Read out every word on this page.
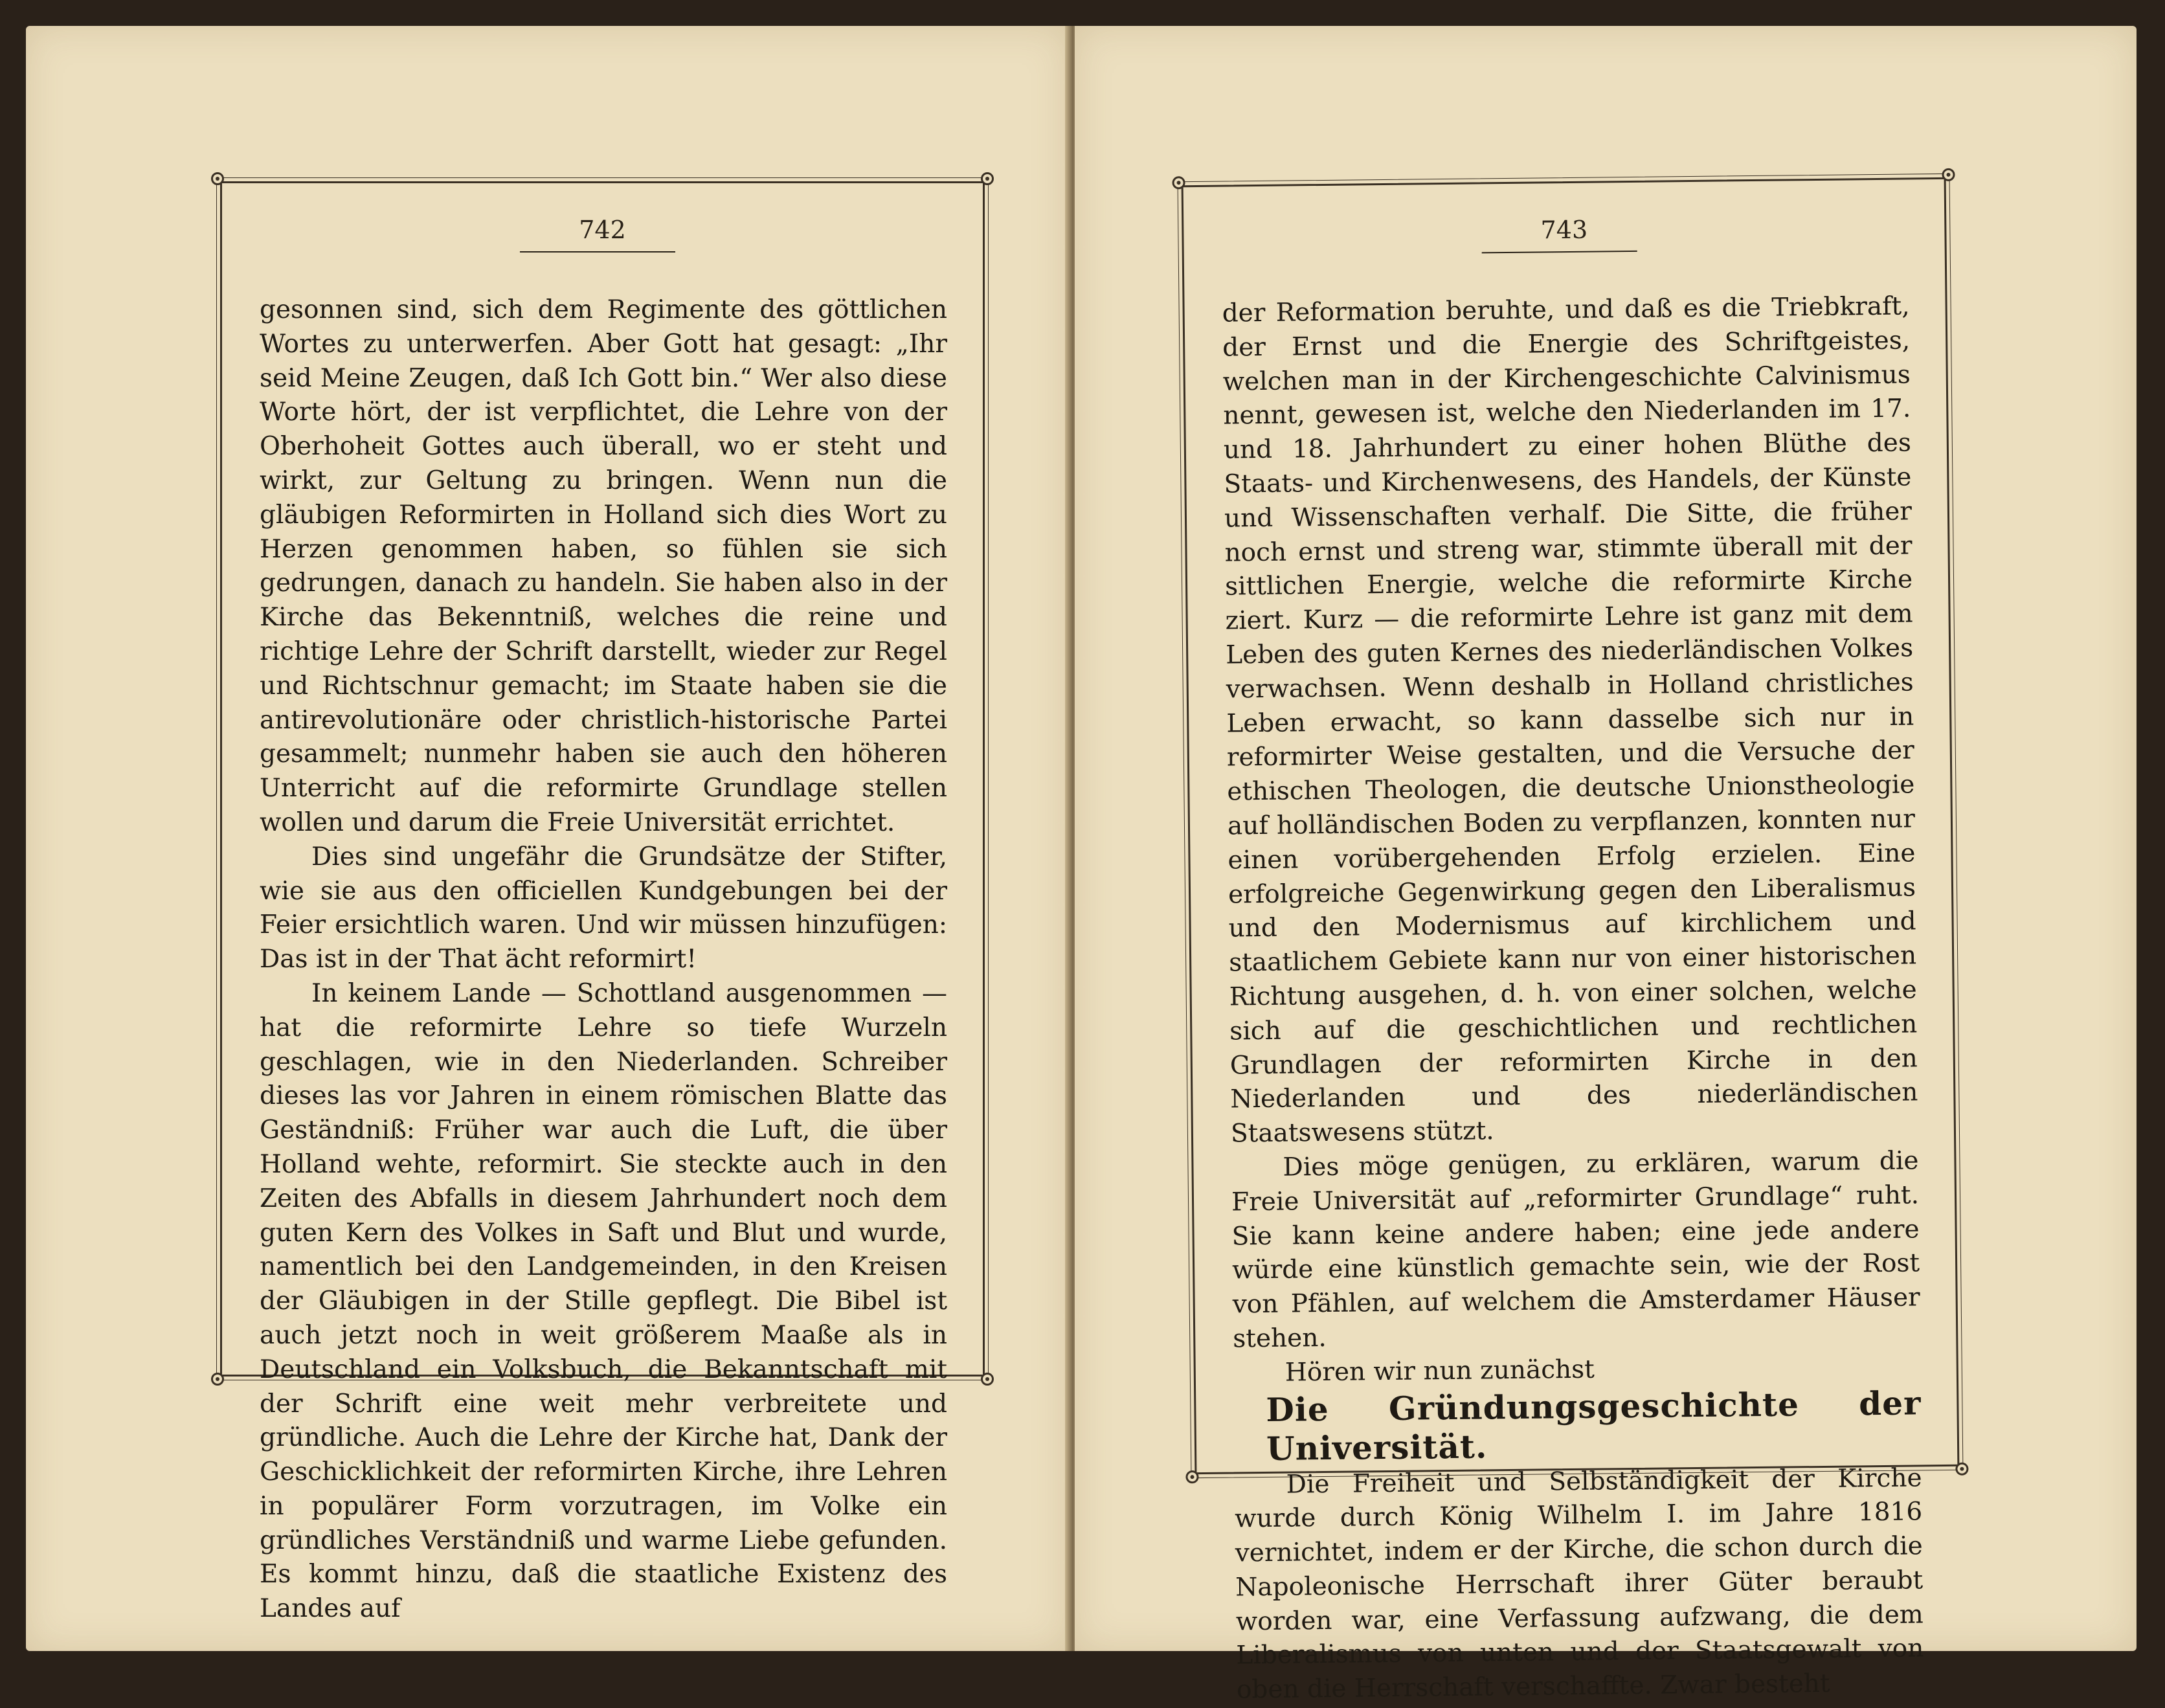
742

gesonnen sind, sich dem Regimente des göttlichen Wortes zu unterwerfen. Aber Gott hat gesagt: „Ihr seid Meine Zeugen, daß Ich Gott bin.“ Wer also diese Worte hört, der ist verpflichtet, die Lehre von der Oberhoheit Gottes auch überall, wo er steht und wirkt, zur Geltung zu bringen. Wenn nun die gläubigen Reformirten in Holland sich dies Wort zu Herzen genommen haben, so fühlen sie sich gedrungen, danach zu handeln. Sie haben also in der Kirche das Bekenntniß, welches die reine und richtige Lehre der Schrift darstellt, wieder zur Regel und Richtschnur gemacht; im Staate haben sie die antirevolutionäre oder christlich-historische Partei gesammelt; nunmehr haben sie auch den höheren Unterricht auf die reformirte Grundlage stellen wollen und darum die Freie Universität errichtet.

Dies sind ungefähr die Grundsätze der Stifter, wie sie aus den officiellen Kundgebungen bei der Feier ersichtlich waren. Und wir müssen hinzufügen: Das ist in der That ächt reformirt!

In keinem Lande — Schottland ausgenommen — hat die reformirte Lehre so tiefe Wurzeln geschlagen, wie in den Niederlanden. Schreiber dieses las vor Jahren in einem römischen Blatte das Geständniß: Früher war auch die Luft, die über Holland wehte, reformirt. Sie steckte auch in den Zeiten des Abfalls in diesem Jahrhundert noch dem guten Kern des Volkes in Saft und Blut und wurde, namentlich bei den Landgemeinden, in den Kreisen der Gläubigen in der Stille gepflegt. Die Bibel ist auch jetzt noch in weit größerem Maaße als in Deutschland ein Volksbuch, die Bekanntschaft mit der Schrift eine weit mehr verbreitete und gründliche. Auch die Lehre der Kirche hat, Dank der Geschicklichkeit der reformirten Kirche, ihre Lehren in populärer Form vorzutragen, im Volke ein gründliches Verständniß und warme Liebe gefunden. Es kommt hinzu, daß die staatliche Existenz des Landes auf

743

der Reformation beruhte, und daß es die Triebkraft, der Ernst und die Energie des Schriftgeistes, welchen man in der Kirchengeschichte Calvinismus nennt, gewesen ist, welche den Niederlanden im 17. und 18. Jahrhundert zu einer hohen Blüthe des Staats- und Kirchenwesens, des Handels, der Künste und Wissenschaften verhalf. Die Sitte, die früher noch ernst und streng war, stimmte überall mit der sittlichen Energie, welche die reformirte Kirche ziert. Kurz — die reformirte Lehre ist ganz mit dem Leben des guten Kernes des niederländischen Volkes verwachsen. Wenn deshalb in Holland christliches Leben erwacht, so kann dasselbe sich nur in reformirter Weise gestalten, und die Versuche der ethischen Theologen, die deutsche Unionstheologie auf holländischen Boden zu verpflanzen, konnten nur einen vorübergehenden Erfolg erzielen. Eine erfolgreiche Gegenwirkung gegen den Liberalismus und den Modernismus auf kirchlichem und staatlichem Gebiete kann nur von einer historischen Richtung ausgehen, d. h. von einer solchen, welche sich auf die geschichtlichen und rechtlichen Grundlagen der reformirten Kirche in den Niederlanden und des niederländischen Staatswesens stützt.

Dies möge genügen, zu erklären, warum die Freie Universität auf „reformirter Grundlage“ ruht. Sie kann keine andere haben; eine jede andere würde eine künstlich gemachte sein, wie der Rost von Pfählen, auf welchem die Amsterdamer Häuser stehen.

Hören wir nun zunächst

Die Gründungsgeschichte der Universität.

Die Freiheit und Selbständigkeit der Kirche wurde durch König Wilhelm I. im Jahre 1816 vernichtet, indem er der Kirche, die schon durch die Napoleonische Herrschaft ihrer Güter beraubt worden war, eine Verfassung aufzwang, die dem Liberalismus von unten und der Staatsgewalt von oben die Herrschaft verschaffte. Zwar besteht
